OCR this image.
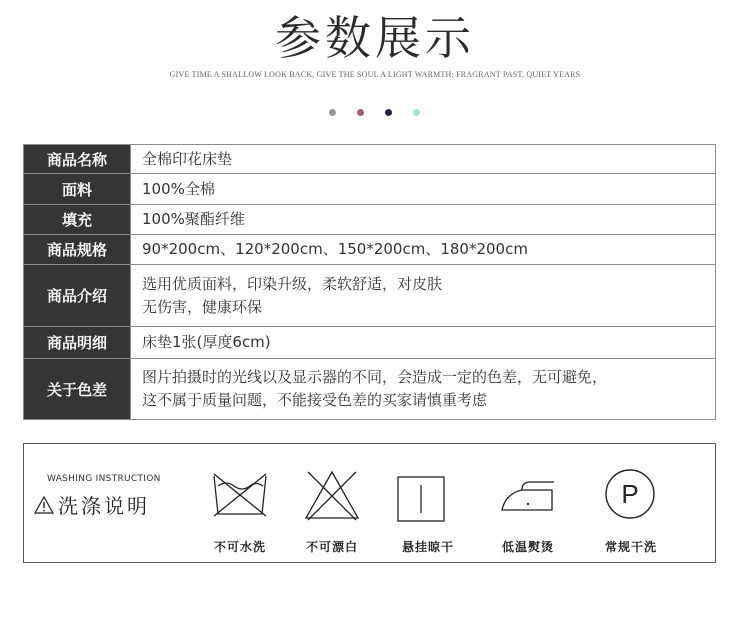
参数展示
GIVE TIME A SHALLOW LOOK BACK, GIVE THE SOUL A LIGHT WARMTH; FRAGRANT PAST, QUIET YEARS
商品名称	全棉印花床垫

面料	100%全棉

填充	100%聚酯纤维

商品规格	90*200cm、120*200cm、150*200cm、180*200cm

商品介绍	选用优质面料，印染升级，柔软舒适，对皮肤
无伤害，健康环保

商品明细	床垫1张(厚度6cm)

关于色差	图片拍摄时的光线以及显示器的不同，会造成一定的色差，无可避免，
这不属于质量问题，不能接受色差的买家请慎重考虑
WASHING INSTRUCTION
洗涤说明	P
不可水洗	不可漂白	悬挂晾干	低温熨烫	常规干洗
